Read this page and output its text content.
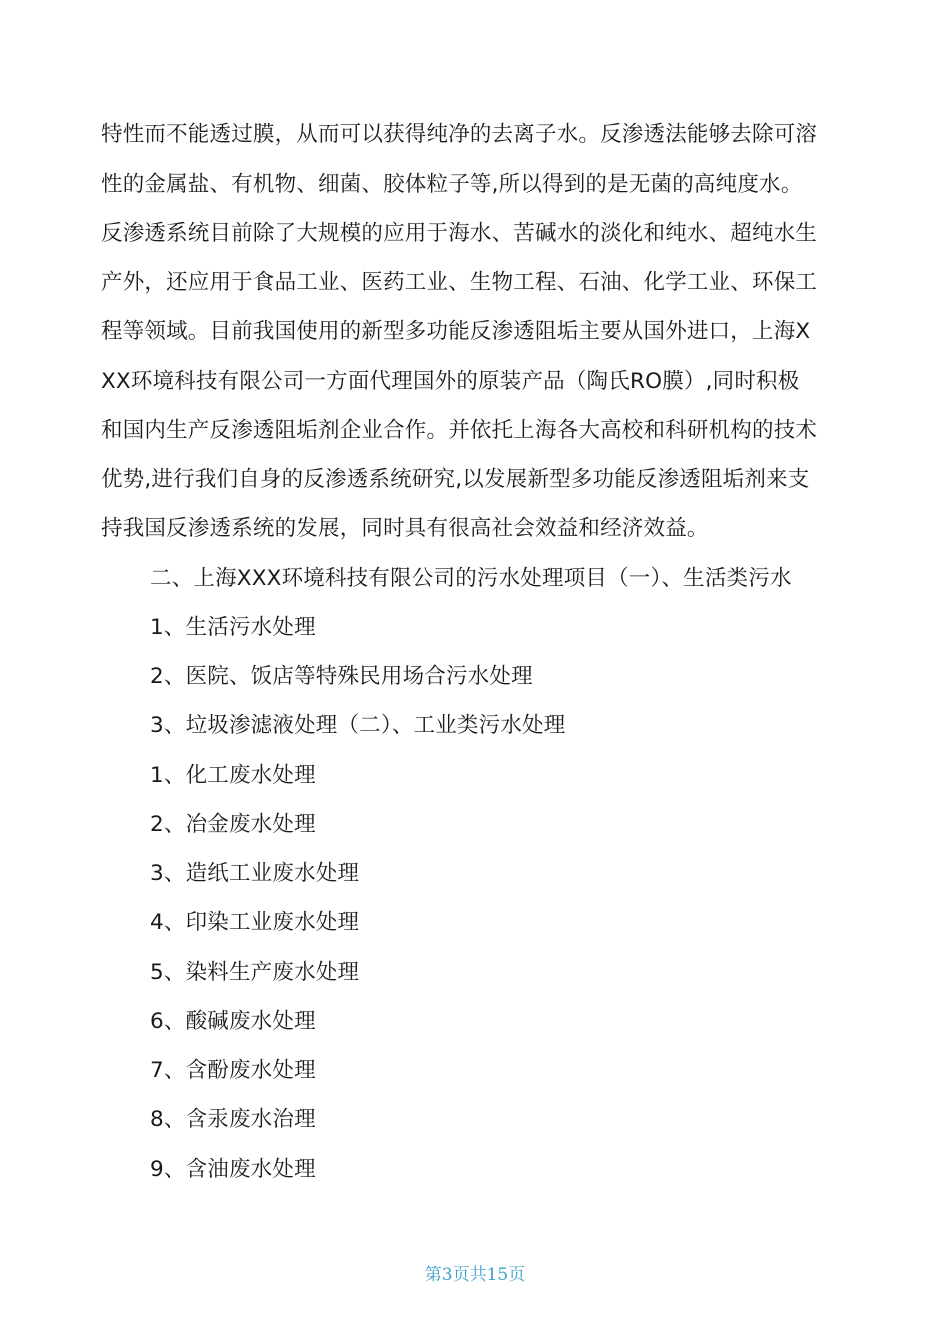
特性而不能透过膜，从而可以获得纯净的去离子水。反渗透法能够去除可溶
性的金属盐、有机物、细菌、胶体粒子等,所以得到的是无菌的高纯度水。
反渗透系统目前除了大规模的应用于海水、苦碱水的淡化和纯水、超纯水生
产外，还应用于食品工业、医药工业、生物工程、石油、化学工业、环保工
程等领域。目前我国使用的新型多功能反渗透阻垢主要从国外进口，上海X
XX环境科技有限公司一方面代理国外的原装产品（陶氏RO膜）,同时积极
和国内生产反渗透阻垢剂企业合作。并依托上海各大高校和科研机构的技术
优势,进行我们自身的反渗透系统研究,以发展新型多功能反渗透阻垢剂来支
持我国反渗透系统的发展，同时具有很高社会效益和经济效益。
二、上海XXX环境科技有限公司的污水处理项目（一）、生活类污水
1、生活污水处理
2、医院、饭店等特殊民用场合污水处理
3、垃圾渗滤液处理（二）、工业类污水处理
1、化工废水处理
2、冶金废水处理
3、造纸工业废水处理
4、印染工业废水处理
5、染料生产废水处理
6、酸碱废水处理
7、含酚废水处理
8、含汞废水治理
9、含油废水处理
第3页共15页
